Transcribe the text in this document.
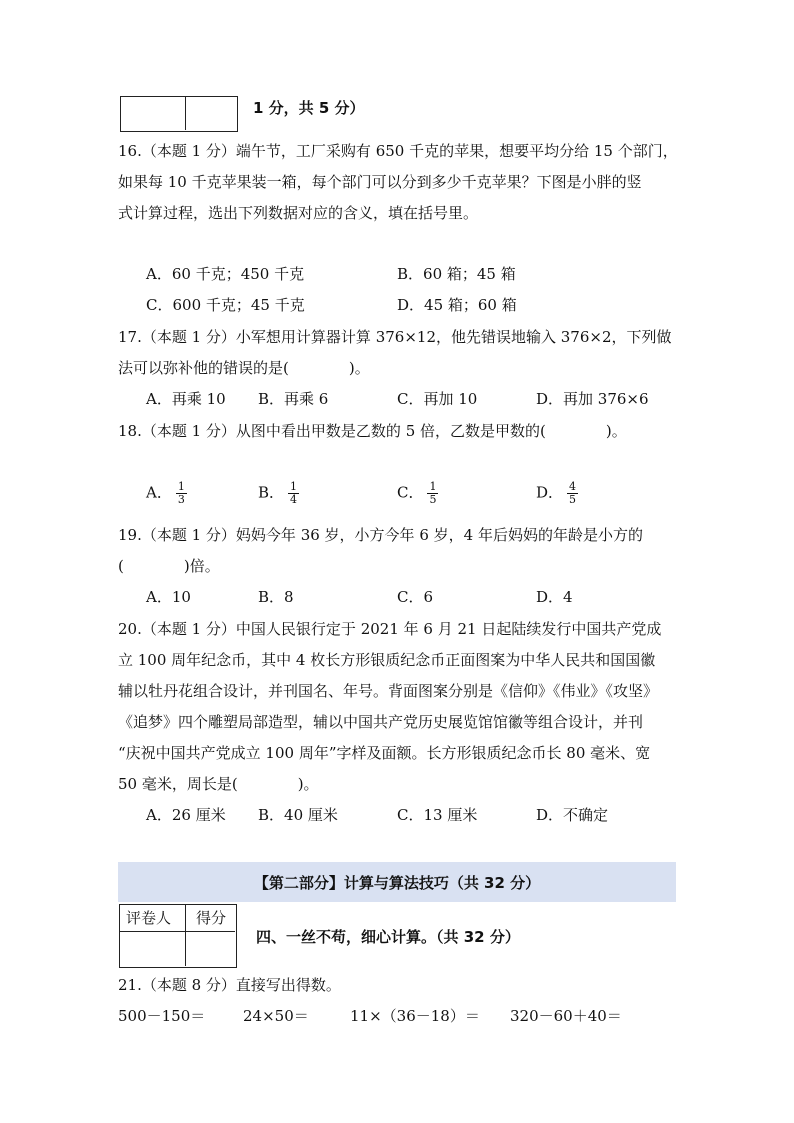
1 分，共 5 分）
16.（本题 1 分）端午节，工厂采购有 650 千克的苹果，想要平均分给 15 个部门，
如果每 10 千克苹果装一箱，每个部门可以分到多少千克苹果？下图是小胖的竖
式计算过程，选出下列数据对应的含义，填在括号里。
A．60 千克；450 千克	B．60 箱；45 箱
C．600 千克；45 千克	D．45 箱；60 箱
17.（本题 1 分）小军想用计算器计算 376×12，他先错误地输入 376×2，下列做
法可以弥补他的错误的是(　　　　)。
A．再乘 10 B．再乘 6	C．再加 10	D．再加 376×6
18.（本题 1 分）从图中看出甲数是乙数的 5 倍，乙数是甲数的(　　　　)。
A． $\frac{1}{3}$	B． $\frac{1}{4}$	C． $\frac{1}{5}$	D． $\frac{4}{5}$
19.（本题 1 分）妈妈今年 36 岁，小方今年 6 岁，4 年后妈妈的年龄是小方的
(　　　　)倍。
A．10	B．8	C．6	D．4
20.（本题 1 分）中国人民银行定于 2021 年 6 月 21 日起陆续发行中国共产党成
立 100 周年纪念币，其中 4 枚长方形银质纪念币正面图案为中华人民共和国国徽
辅以牡丹花组合设计，并刊国名、年号。背面图案分别是《信仰》《伟业》《攻坚》
《追梦》四个雕塑局部造型，辅以中国共产党历史展览馆馆徽等组合设计，并刊
“庆祝中国共产党成立 100 周年”字样及面额。长方形银质纪念币长 80 毫米、宽
50 毫米，周长是(　　　　)。
A．26 厘米 B．40 厘米	C．13 厘米	D．不确定
【第二部分】计算与算法技巧（共 32 分）
评卷人 得分
四、一丝不苟，细心计算。（共 32 分）
21.（本题 8 分）直接写出得数。
500－150＝	24×50＝	11×（36－18）＝ 320－60＋40＝
